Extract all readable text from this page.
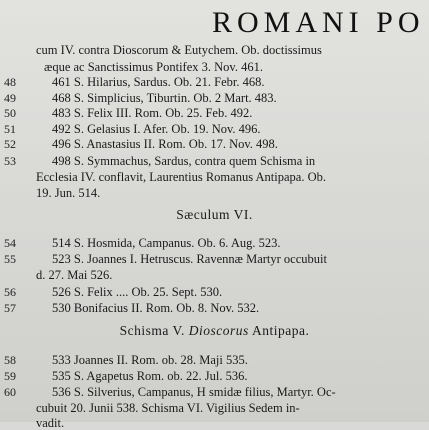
ROMANI PO
cum IV. contra Dioscorum & Eutychem. Ob. doctissimus
æque ac Sanctissimus Pontifex 3. Nov. 461.
48	461 S. Hilarius, Sardus. Ob. 21. Febr. 468.
49	468 S. Simplicius, Tiburtin. Ob. 2 Mart. 483.
50	483 S. Felix III. Rom. Ob. 25. Feb. 492.
51	492 S. Gelasius I. Afer. Ob. 19. Nov. 496.
52	496 S. Anastasius II. Rom. Ob. 17. Nov. 498.
53	498 S. Symmachus, Sardus, contra quem Schisma in
Ecclesia IV. conflavit, Laurentius Romanus Antipapa. Ob.
19. Jun. 514.
54	514 S. Hosmida, Campanus. Ob. 6. Aug. 523.
55	523 S. Joannes I. Hetruscus. Ravennæ Martyr occubuit
d. 27. Mai 526.
56	526 S. Felix .... Ob. 25. Sept. 530.
57	530 Bonifacius II. Rom. Ob. 8. Nov. 532.
58	533 Joannes II. Rom. ob. 28. Maji 535.
59	535 S. Agapetus Rom. ob. 22. Jul. 536.
60	536 S. Silverius, Campanus, H smidæ filius, Martyr. Oc-
cubuit 20. Junii 538. Schisma VI. Vigilius Sedem in-
vadit.
Sæculum VI.
Schisma V. Dioscorus Antipapa.
